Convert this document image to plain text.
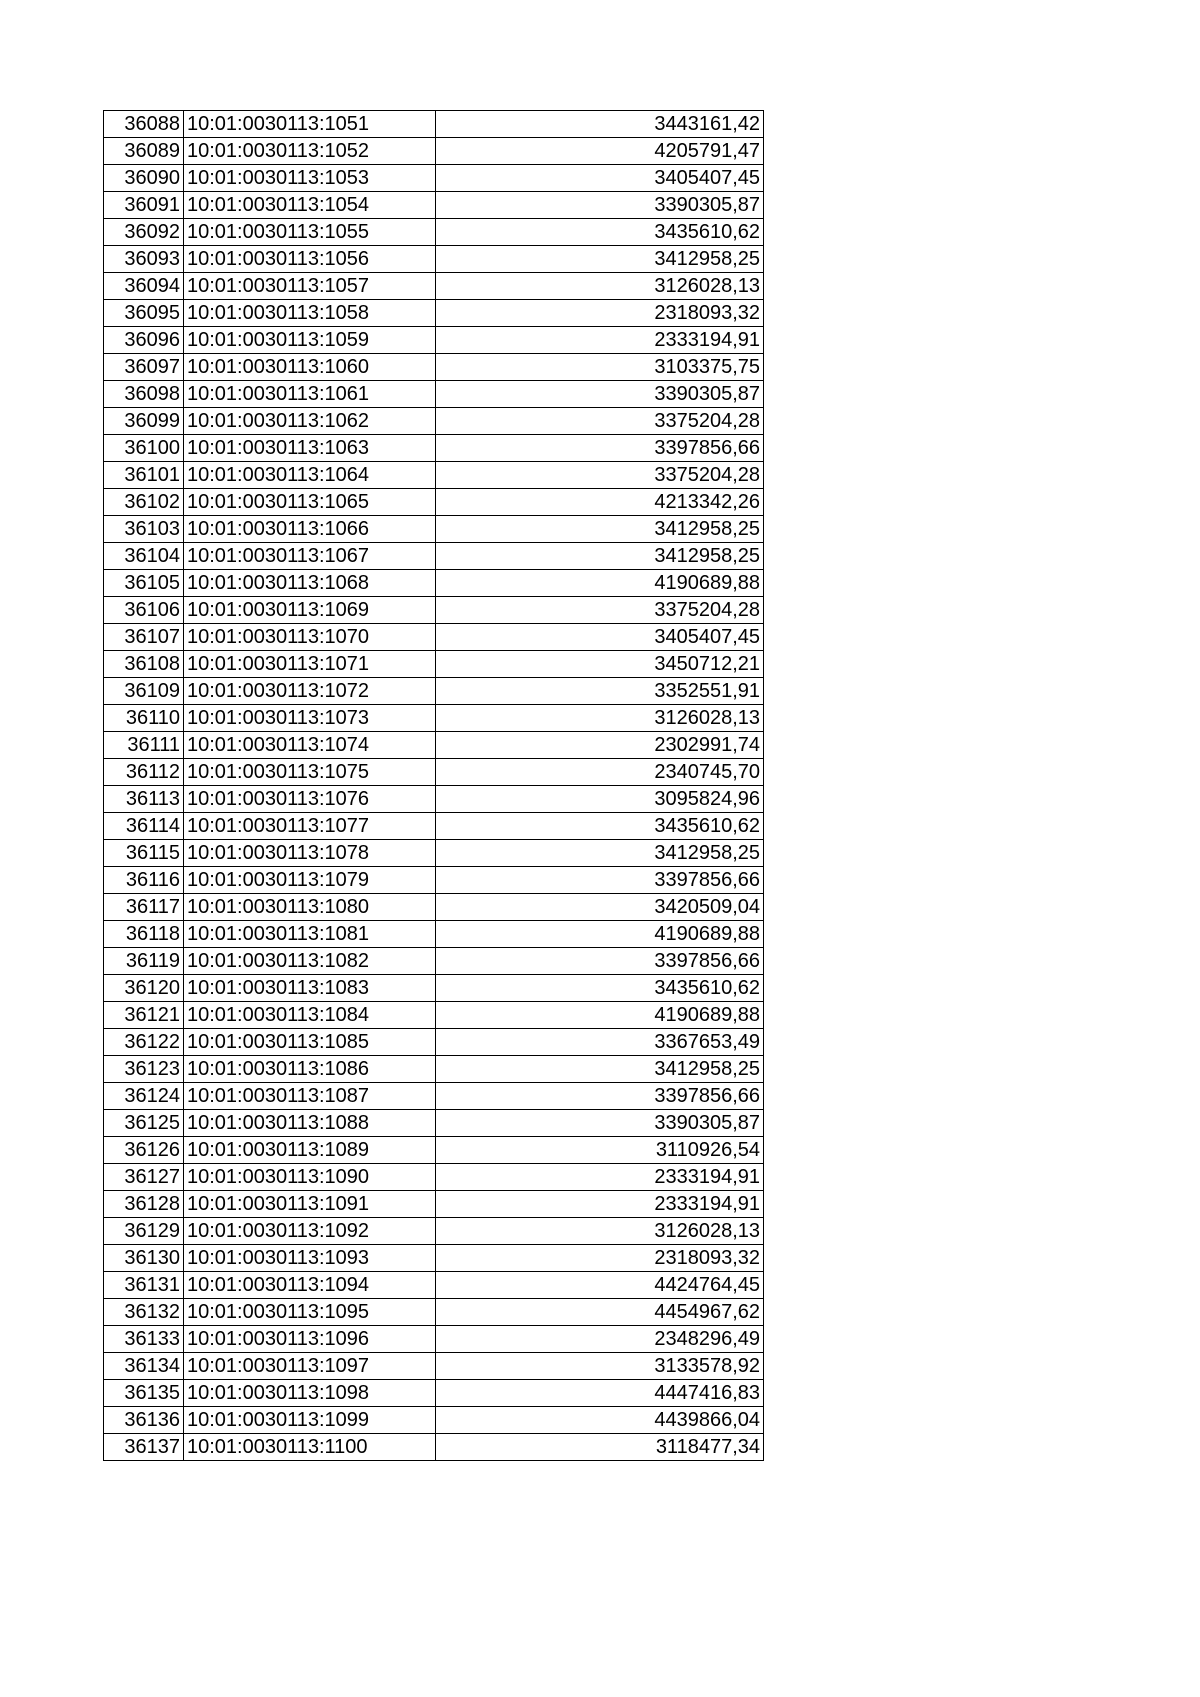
36088	10:01:0030113:1051	3443161,42
36089	10:01:0030113:1052	4205791,47
36090	10:01:0030113:1053	3405407,45
36091	10:01:0030113:1054	3390305,87
36092	10:01:0030113:1055	3435610,62
36093	10:01:0030113:1056	3412958,25
36094	10:01:0030113:1057	3126028,13
36095	10:01:0030113:1058	2318093,32
36096	10:01:0030113:1059	2333194,91
36097	10:01:0030113:1060	3103375,75
36098	10:01:0030113:1061	3390305,87
36099	10:01:0030113:1062	3375204,28
36100	10:01:0030113:1063	3397856,66
36101	10:01:0030113:1064	3375204,28
36102	10:01:0030113:1065	4213342,26
36103	10:01:0030113:1066	3412958,25
36104	10:01:0030113:1067	3412958,25
36105	10:01:0030113:1068	4190689,88
36106	10:01:0030113:1069	3375204,28
36107	10:01:0030113:1070	3405407,45
36108	10:01:0030113:1071	3450712,21
36109	10:01:0030113:1072	3352551,91
36110	10:01:0030113:1073	3126028,13
36111	10:01:0030113:1074	2302991,74
36112	10:01:0030113:1075	2340745,70
36113	10:01:0030113:1076	3095824,96
36114	10:01:0030113:1077	3435610,62
36115	10:01:0030113:1078	3412958,25
36116	10:01:0030113:1079	3397856,66
36117	10:01:0030113:1080	3420509,04
36118	10:01:0030113:1081	4190689,88
36119	10:01:0030113:1082	3397856,66
36120	10:01:0030113:1083	3435610,62
36121	10:01:0030113:1084	4190689,88
36122	10:01:0030113:1085	3367653,49
36123	10:01:0030113:1086	3412958,25
36124	10:01:0030113:1087	3397856,66
36125	10:01:0030113:1088	3390305,87
36126	10:01:0030113:1089	3110926,54
36127	10:01:0030113:1090	2333194,91
36128	10:01:0030113:1091	2333194,91
36129	10:01:0030113:1092	3126028,13
36130	10:01:0030113:1093	2318093,32
36131	10:01:0030113:1094	4424764,45
36132	10:01:0030113:1095	4454967,62
36133	10:01:0030113:1096	2348296,49
36134	10:01:0030113:1097	3133578,92
36135	10:01:0030113:1098	4447416,83
36136	10:01:0030113:1099	4439866,04
36137	10:01:0030113:1100	3118477,34
